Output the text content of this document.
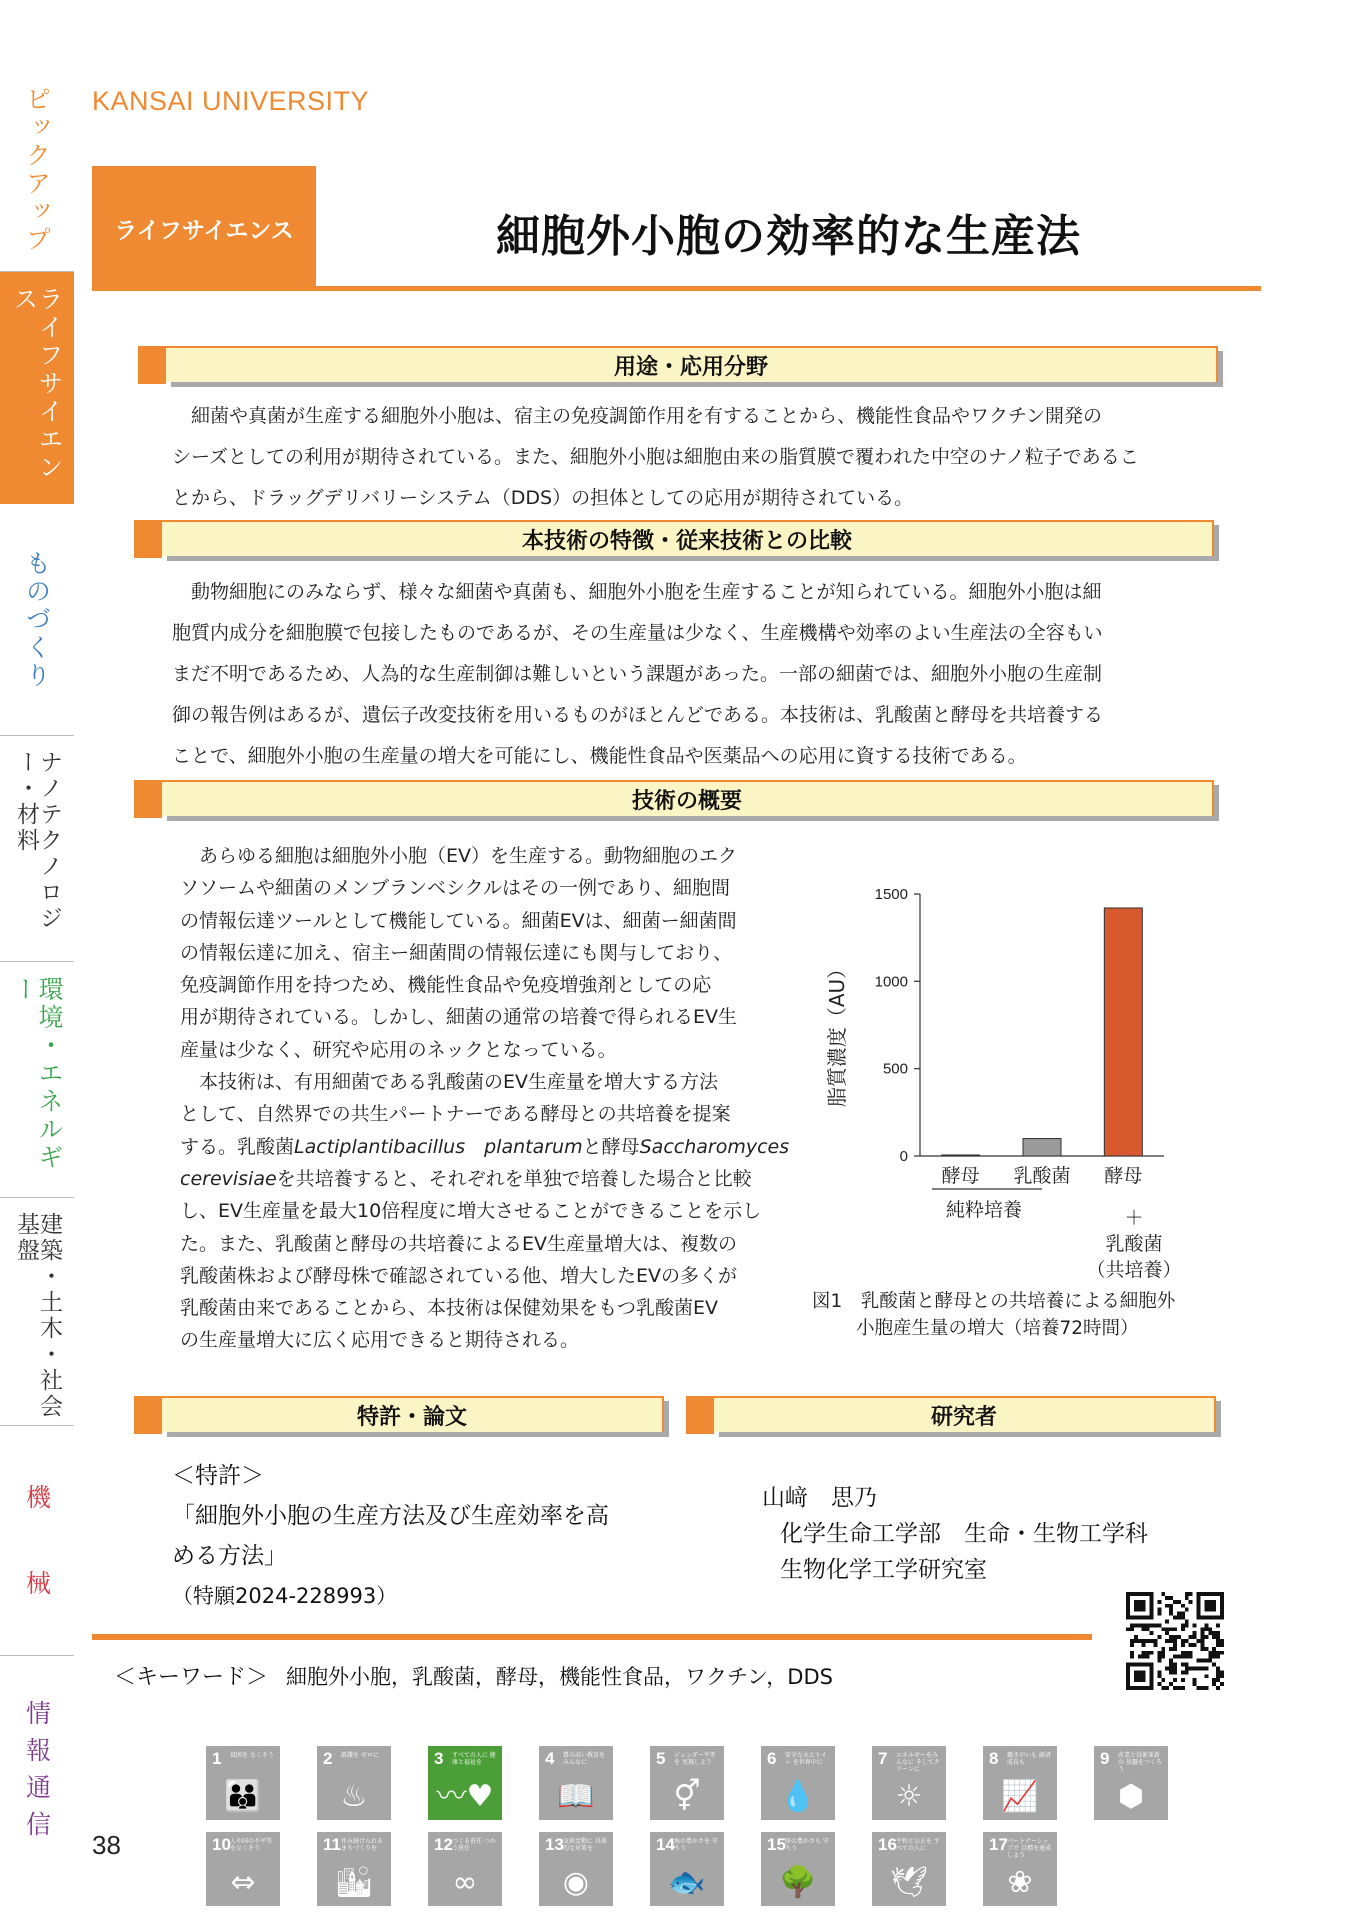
ピックアップ
ライフサイエンス
ものづくり
ナノテクノロジー・材料
環境・エネルギー
建築・土木・社会基盤
機　械
情報通信
KANSAI UNIVERSITY
ライフサイエンス	細胞外小胞の効率的な生産法
用途・応用分野

細菌や真菌が生産する細胞外小胞は、宿主の免疫調節作用を有することから、機能性食品やワクチン開発の

シーズとしての利用が期待されている。また、細胞外小胞は細胞由来の脂質膜で覆われた中空のナノ粒子であるこ
とから、ドラッグデリバリーシステム（DDS）の担体としての応用が期待されている。
本技術の特徴・従来技術との比較

動物細胞にのみならず、様々な細菌や真菌も、細胞外小胞を生産することが知られている。細胞外小胞は細

胞質内成分を細胞膜で包接したものであるが、その生産量は少なく、生産機構や効率のよい生産法の全容もい
まだ不明であるため、人為的な生産制御は難しいという課題があった。一部の細菌では、細胞外小胞の生産制
御の報告例はあるが、遺伝子改変技術を用いるものがほとんどである。本技術は、乳酸菌と酵母を共培養する
ことで、細胞外小胞の生産量の増大を可能にし、機能性食品や医薬品への応用に資する技術である。
技術の概要

あらゆる細胞は細胞外小胞（EV）を生産する。動物細胞のエク

ソソームや細菌のメンブランベシクルはその一例であり、細胞間
の情報伝達ツールとして機能している。細菌EVは、細菌ー細菌間
の情報伝達に加え、宿主ー細菌間の情報伝達にも関与しており、
免疫調節作用を持つため、機能性食品や免疫増強剤としての応
用が期待されている。しかし、細菌の通常の培養で得られるEV生
産量は少なく、研究や応用のネックとなっている。

本技術は、有用細菌である乳酸菌のEV生産量を増大する方法

として、自然界での共生パートナーである酵母との共培養を提案
する。乳酸菌Lactiplantibacillus　plantarumと酵母Saccharomyces
cerevisiaeを共培養すると、それぞれを単独で培養した場合と比較
し、EV生産量を最大10倍程度に増大させることができることを示し
た。また、乳酸菌と酵母の共培養によるEV生産量増大は、複数の
乳酸菌株および酵母株で確認されている他、増大したEVの多くが
乳酸菌由来であることから、本技術は保健効果をもつ乳酸菌EV
の生産量増大に広く応用できると期待される。
脂質濃度（AU）
0
500
1000
1500
酵母 乳酸菌 酵母
純粋培養	＋
乳酸菌
（共培養）
図1　乳酸菌と酵母との共培養による細胞外
小胞産生量の増大（培養72時間）
特許・論文	研究者
＜特許＞
「細胞外小胞の生産方法及び生産効率を高
める方法」
（特願2024-228993）
山﨑　思乃
化学生命工学部　生命・生物工学科
生物化学工学研究室
＜キーワード＞ 細胞外小胞，乳酸菌，酵母，機能性食品，ワクチン，DDS
38
1 貧困を なくそう
👪
2 飢餓を ゼロに
♨
3 すべての人に 健康と福祉を
〰♥
4 質の高い教育を みんなに
📖
5 ジェンダー平等を 実現しよう
⚥
6 安全な水とトイレ を世界中に
💧
7 エネルギーをみんなに そしてクリーンに
☼
8 働きがいも 経済成長も
📈
9 産業と技術革新の 基盤をつくろう
⬢
10 人や国の不平等 をなくそう
⇔
11 住み続けられる まちづくりを
🏙
12 つくる責任 つかう責任
∞
13 気候変動に 具体的な対策を
◉
14 海の豊かさを 守ろう
🐟
15 陸の豊かさも 守ろう
🌳
16 平和と公正を すべての人に
🕊
17 パートナーシップで 目標を達成しよう
❀
